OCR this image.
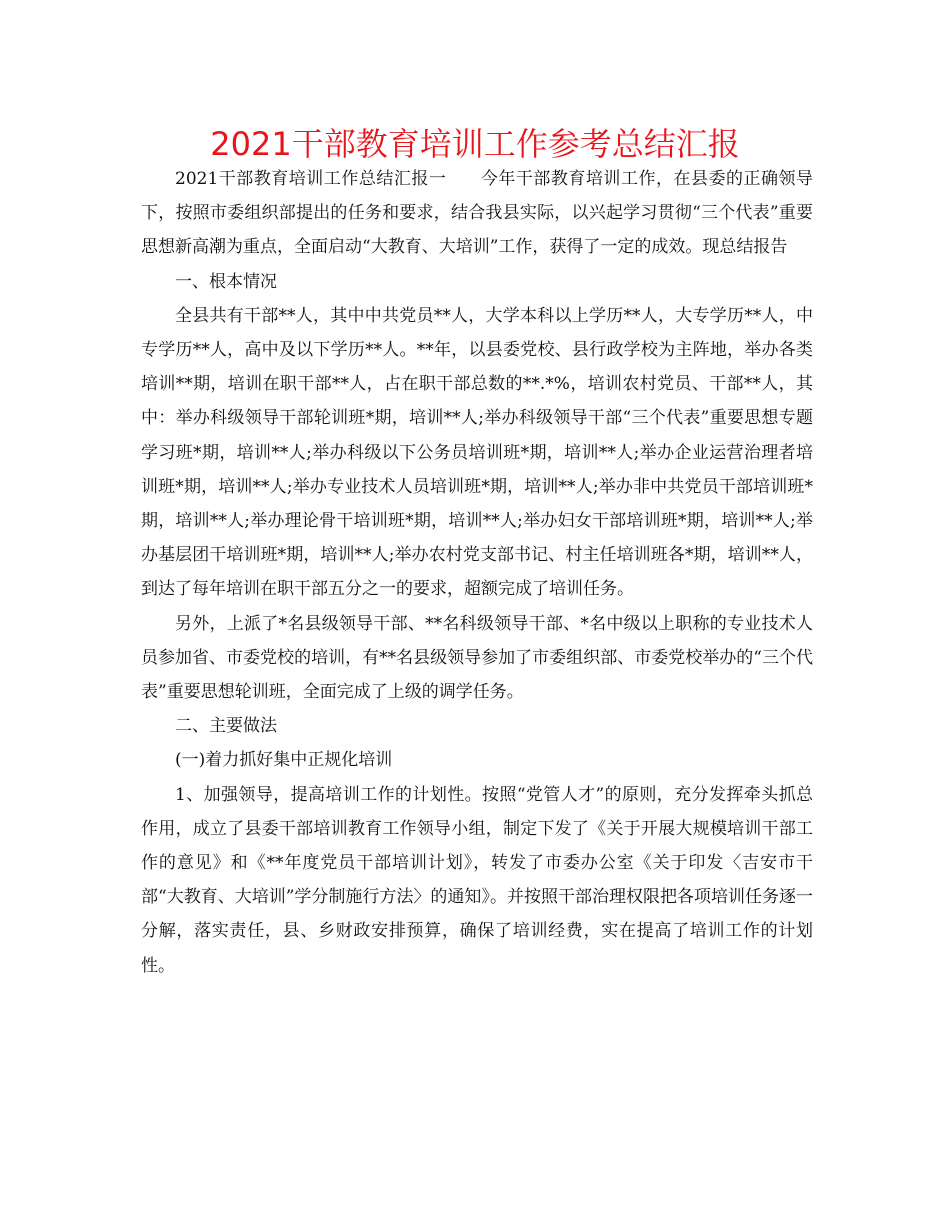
2021干部教育培训工作参考总结汇报

2021干部教育培训工作总结汇报一 今年干部教育培训工作，在县委的正确领导下，按照市委组织部提出的任务和要求，结合我县实际，以兴起学习贯彻“三个代表”重要思想新高潮为重点，全面启动“大教育、大培训”工作，获得了一定的成效。现总结报告

一、根本情况

全县共有干部**人，其中中共党员**人，大学本科以上学历**人，大专学历**人，中专学历**人，高中及以下学历**人。**年，以县委党校、县行政学校为主阵地，举办各类培训**期，培训在职干部**人，占在职干部总数的**.*%，培训农村党员、干部**人，其中：举办科级领导干部轮训班*期，培训**人;举办科级领导干部“三个代表”重要思想专题学习班*期，培训**人;举办科级以下公务员培训班*期，培训**人;举办企业运营治理者培训班*期，培训**人;举办专业技术人员培训班*期，培训**人;举办非中共党员干部培训班*期，培训**人;举办理论骨干培训班*期，培训**人;举办妇女干部培训班*期，培训**人;举办基层团干培训班*期，培训**人;举办农村党支部书记、村主任培训班各*期，培训**人，到达了每年培训在职干部五分之一的要求，超额完成了培训任务。

另外，上派了*名县级领导干部、**名科级领导干部、*名中级以上职称的专业技术人员参加省、市委党校的培训，有**名县级领导参加了市委组织部、市委党校举办的“三个代表”重要思想轮训班，全面完成了上级的调学任务。

二、主要做法

(一)着力抓好集中正规化培训

1、加强领导，提高培训工作的计划性。按照“党管人才”的原则，充分发挥牵头抓总作用，成立了县委干部培训教育工作领导小组，制定下发了《关于开展大规模培训干部工作的意见》和《**年度党员干部培训计划》，转发了市委办公室《关于印发〈吉安市干部“大教育、大培训”学分制施行方法〉的通知》。并按照干部治理权限把各项培训任务逐一分解，落实责任，县、乡财政安排预算，确保了培训经费，实在提高了培训工作的计划性。
